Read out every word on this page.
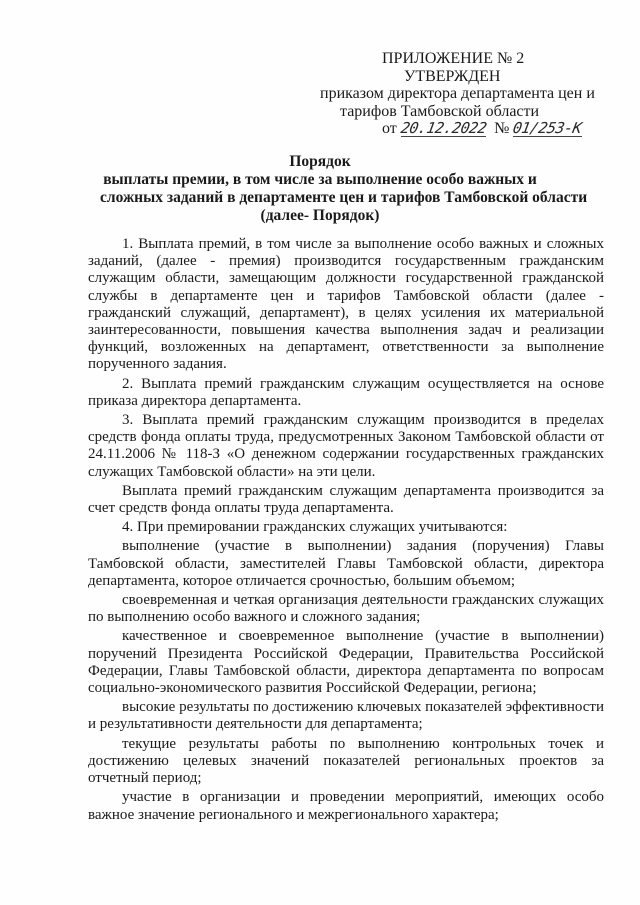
ПРИЛОЖЕНИЕ № 2
УТВЕРЖДЕН
приказом директора департамента цен и
тарифов Тамбовской области
от 20.12.2022 № 01/253-К
Порядок
выплаты премии, в том числе за выполнение особо важных и
сложных заданий в департаменте цен и тарифов Тамбовской области
(далее- Порядок)

1. Выплата премий, в том числе за выполнение особо важных и сложных заданий, (далее - премия) производится государственным гражданским служащим области, замещающим должности государственной гражданской службы в департаменте цен и тарифов Тамбовской области (далее - гражданский служащий, департамент), в целях усиления их материальной заинтересованности, повышения качества выполнения задач и реализации функций, возложенных на департамент, ответственности за выполнение порученного задания.

2. Выплата премий гражданским служащим осуществляется на основе приказа директора департамента.

3. Выплата премий гражданским служащим производится в пределах средств фонда оплаты труда, предусмотренных Законом Тамбовской области от 24.11.2006 № 118-З «О денежном содержании государственных гражданских служащих Тамбовской области» на эти цели.

Выплата премий гражданским служащим департамента производится за счет средств фонда оплаты труда департамента.

4. При премировании гражданских служащих учитываются:

выполнение (участие в выполнении) задания (поручения) Главы Тамбовской области, заместителей Главы Тамбовской области, директора департамента, которое отличается срочностью, большим объемом;

своевременная и четкая организация деятельности гражданских служащих по выполнению особо важного и сложного задания;

качественное и своевременное выполнение (участие в выполнении) поручений Президента Российской Федерации, Правительства Российской Федерации, Главы Тамбовской области, директора департамента по вопросам социально-экономического развития Российской Федерации, региона;

высокие результаты по достижению ключевых показателей эффективности и результативности деятельности для департамента;

текущие результаты работы по выполнению контрольных точек и достижению целевых значений показателей региональных проектов за отчетный период;

участие в организации и проведении мероприятий, имеющих особо важное значение регионального и межрегионального характера;
